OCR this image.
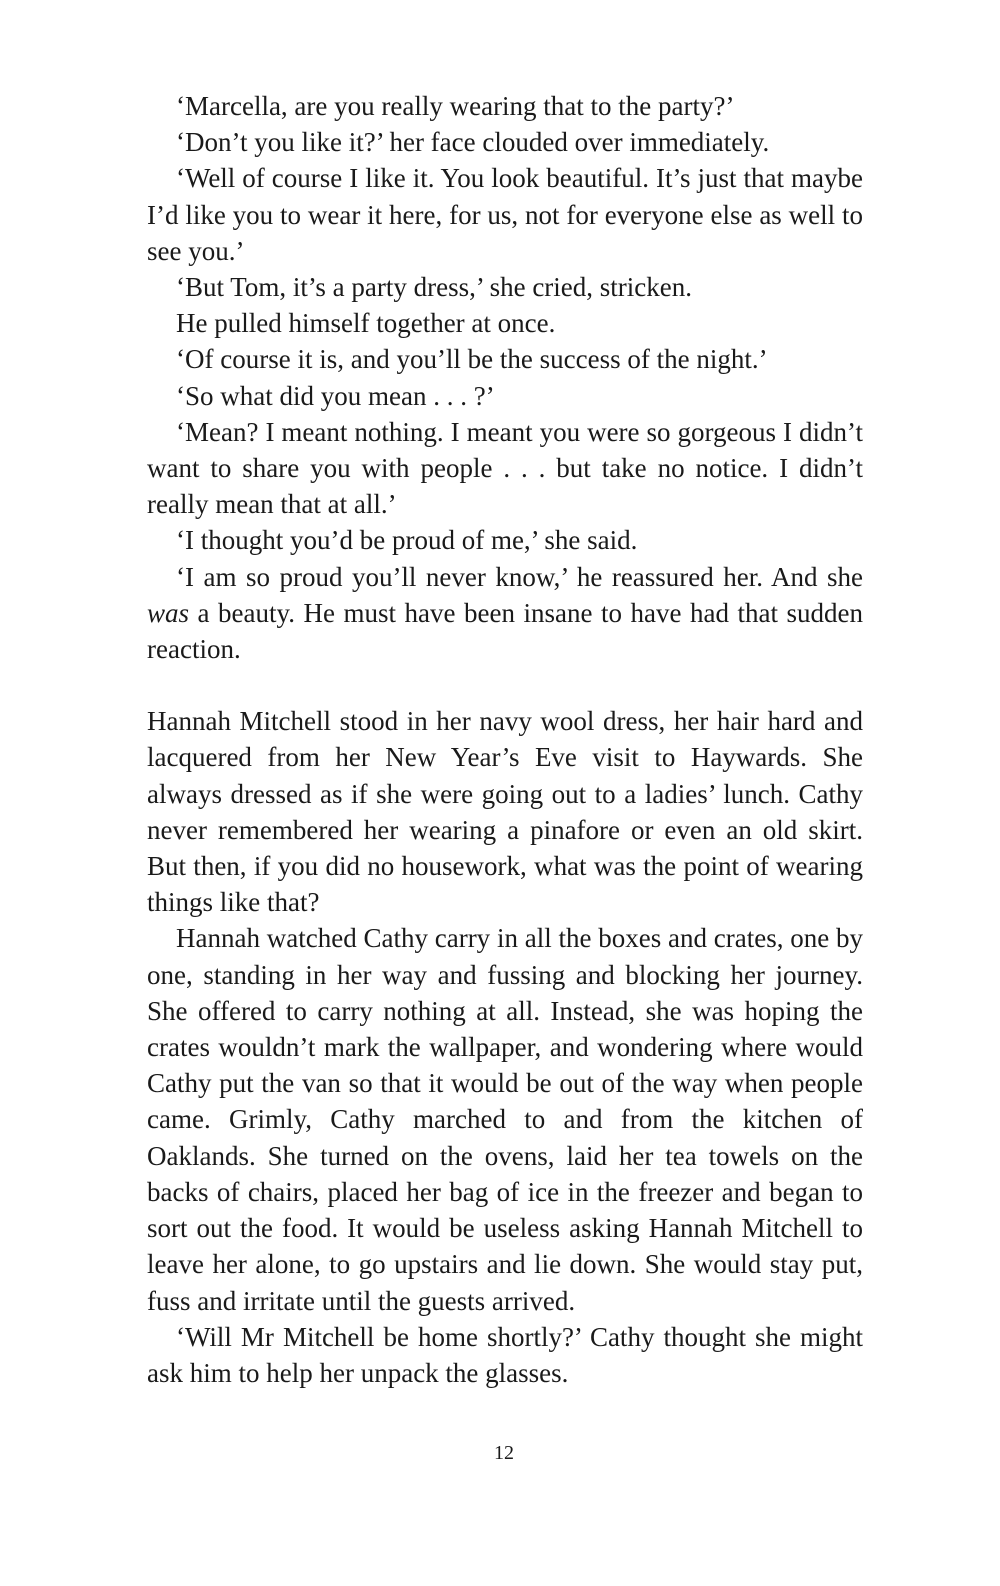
‘Marcella, are you really wearing that to the party?’

‘Don’t you like it?’ her face clouded over immediately.

‘Well of course I like it. You look beautiful. It’s just that maybe I’d like you to wear it here, for us, not for everyone else as well to see you.’

‘But Tom, it’s a party dress,’ she cried, stricken.

He pulled himself together at once.

‘Of course it is, and you’ll be the success of the night.’

‘So what did you mean . . . ?’

‘Mean? I meant nothing. I meant you were so gorgeous I didn’t want to share you with people . . . but take no notice. I didn’t really mean that at all.’

‘I thought you’d be proud of me,’ she said.

‘I am so proud you’ll never know,’ he reassured her. And she was a beauty. He must have been insane to have had that sudden reaction.

Hannah Mitchell stood in her navy wool dress, her hair hard and lacquered from her New Year’s Eve visit to Haywards. She always dressed as if she were going out to a ladies’ lunch. Cathy never remembered her wearing a pinafore or even an old skirt. But then, if you did no housework, what was the point of wearing things like that?

Hannah watched Cathy carry in all the boxes and crates, one by one, standing in her way and fussing and blocking her journey. She offered to carry nothing at all. Instead, she was hoping the crates wouldn’t mark the wallpaper, and wondering where would Cathy put the van so that it would be out of the way when people came. Grimly, Cathy marched to and from the kitchen of Oaklands. She turned on the ovens, laid her tea towels on the backs of chairs, placed her bag of ice in the freezer and began to sort out the food. It would be useless asking Hannah Mitchell to leave her alone, to go upstairs and lie down. She would stay put, fuss and irritate until the guests arrived.

‘Will Mr Mitchell be home shortly?’ Cathy thought she might ask him to help her unpack the glasses.

12
